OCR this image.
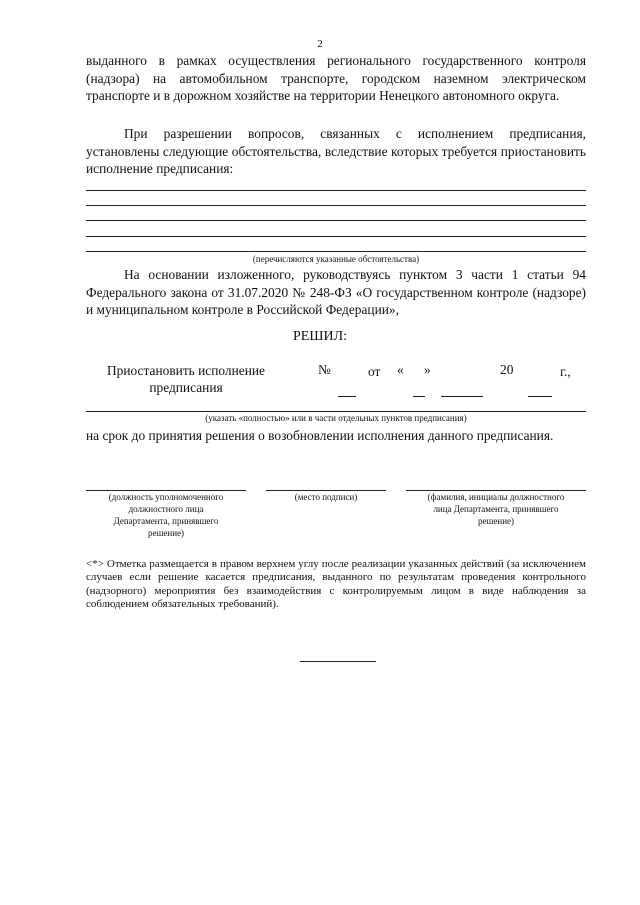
2
выданного в рамках осуществления регионального государственного контроля (надзора) на автомобильном транспорте, городском наземном электрическом транспорте и в дорожном хозяйстве на территории Ненецкого автономного округа.
При разрешении вопросов, связанных с исполнением предписания, установлены следующие обстоятельства, вследствие которых требуется приостановить исполнение предписания:
(перечисляются указанные обстоятельства)
На основании изложенного, руководствуясь пунктом 3 части 1 статьи 94 Федерального закона от 31.07.2020 № 248-ФЗ «О государственном контроле (надзоре) и муниципальном контроле в Российской Федерации»,
РЕШИЛ:
Приостановить исполнение
предписания
№	от « »	20	г.,
(указать «полностью» или в части отдельных пунктов предписания)
на срок до принятия решения о возобновлении исполнения данного предписания.
(должность уполномоченного
должностного лица
Департамента, принявшего
решение)
(место подписи)	(фамилия, инициалы должностного
лица Департамента, принявшего
решение)
<*> Отметка размещается в правом верхнем углу после реализации указанных действий (за исключением случаев если решение касается предписания, выданного по результатам проведения контрольного (надзорного) мероприятия без взаимодействия с контролируемым лицом в виде наблюдения за соблюдением обязательных требований).
